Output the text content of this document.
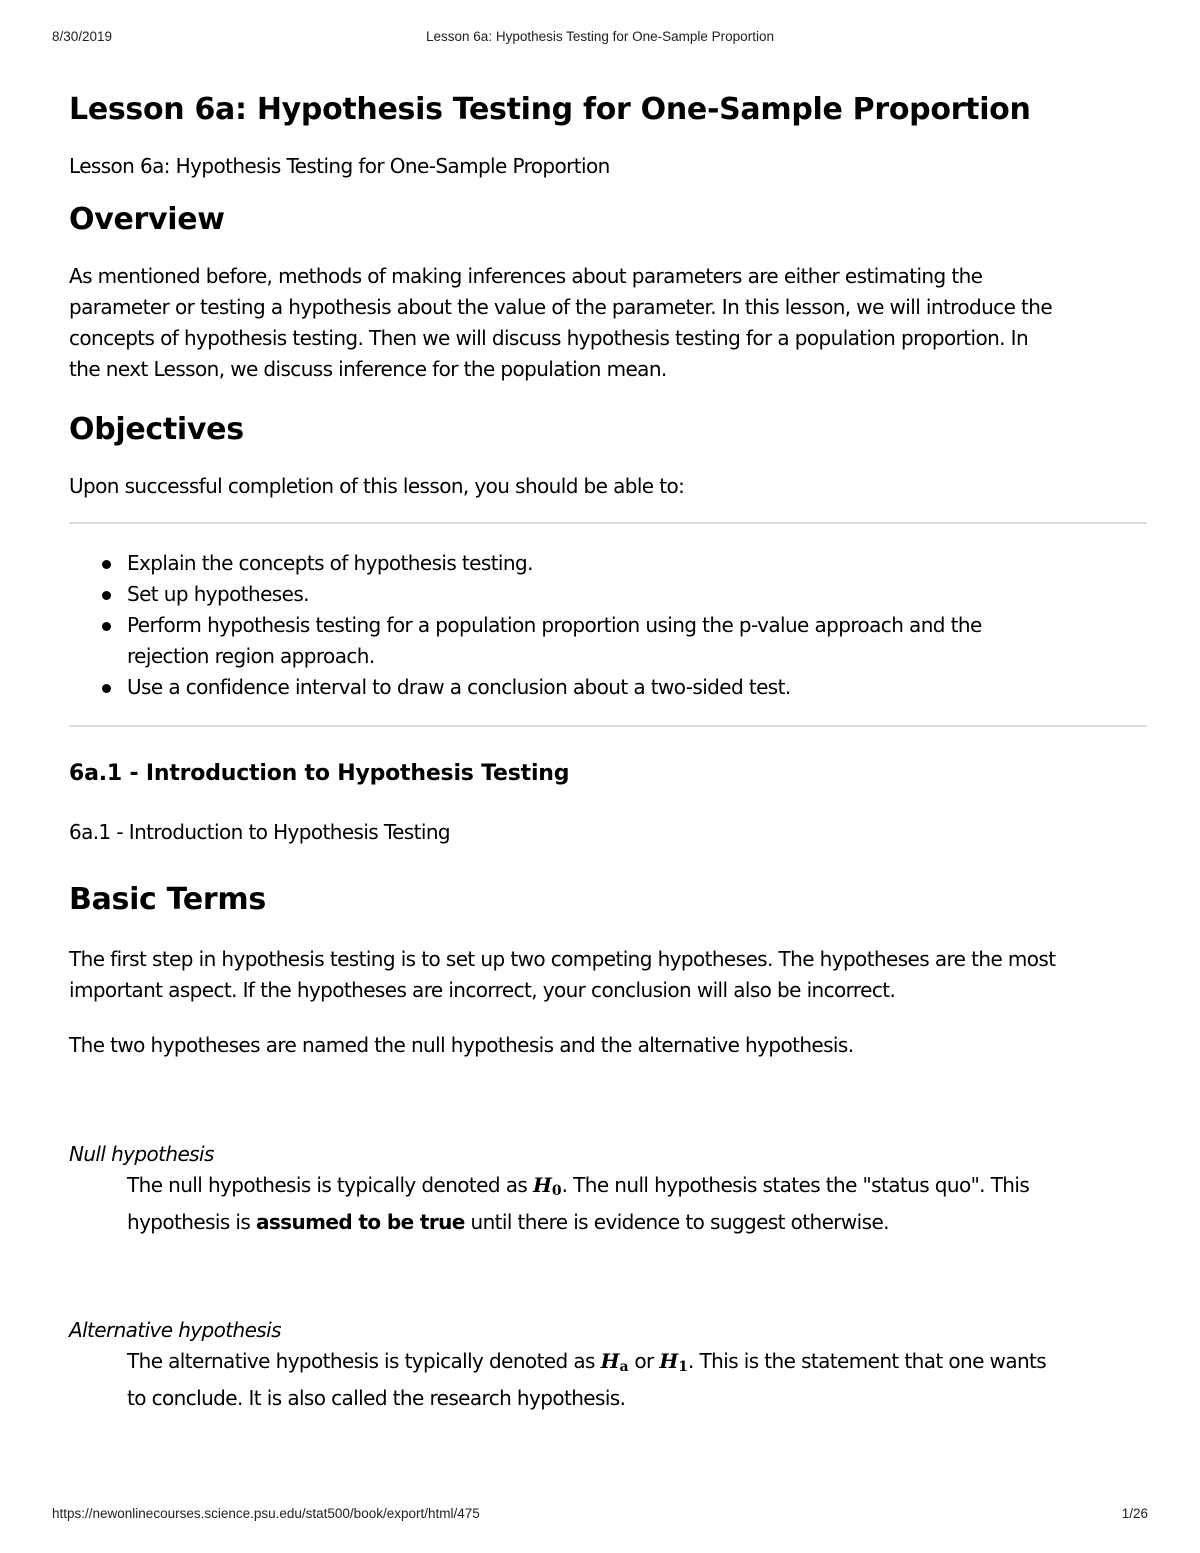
8/30/2019	Lesson 6a: Hypothesis Testing for One-Sample Proportion
Lesson 6a: Hypothesis Testing for One-Sample Proportion

Lesson 6a: Hypothesis Testing for One-Sample Proportion

Overview

As mentioned before, methods of making inferences about parameters are either estimating the

parameter or testing a hypothesis about the value of the parameter. In this lesson, we will introduce the

concepts of hypothesis testing. Then we will discuss hypothesis testing for a population proportion. In

the next Lesson, we discuss inference for the population mean.

Objectives

Upon successful completion of this lesson, you should be able to:

Explain the concepts of hypothesis testing.
Set up hypotheses.
Perform hypothesis testing for a population proportion using the p-value approach and the
rejection region approach.
Use a confidence interval to draw a conclusion about a two-sided test.
6a.1 - Introduction to Hypothesis Testing

6a.1 - Introduction to Hypothesis Testing

Basic Terms

The first step in hypothesis testing is to set up two competing hypotheses. The hypotheses are the most

important aspect. If the hypotheses are incorrect, your conclusion will also be incorrect.

The two hypotheses are named the null hypothesis and the alternative hypothesis.

Null hypothesis

The null hypothesis is typically denoted as $H_0$. The null hypothesis states the "status quo". This
hypothesis is assumed to be true until there is evidence to suggest otherwise.

Alternative hypothesis

The alternative hypothesis is typically denoted as $H_a$ or $H_1$. This is the statement that one wants
to conclude. It is also called the research hypothesis.
https://newonlinecourses.science.psu.edu/stat500/book/export/html/475	1/26
